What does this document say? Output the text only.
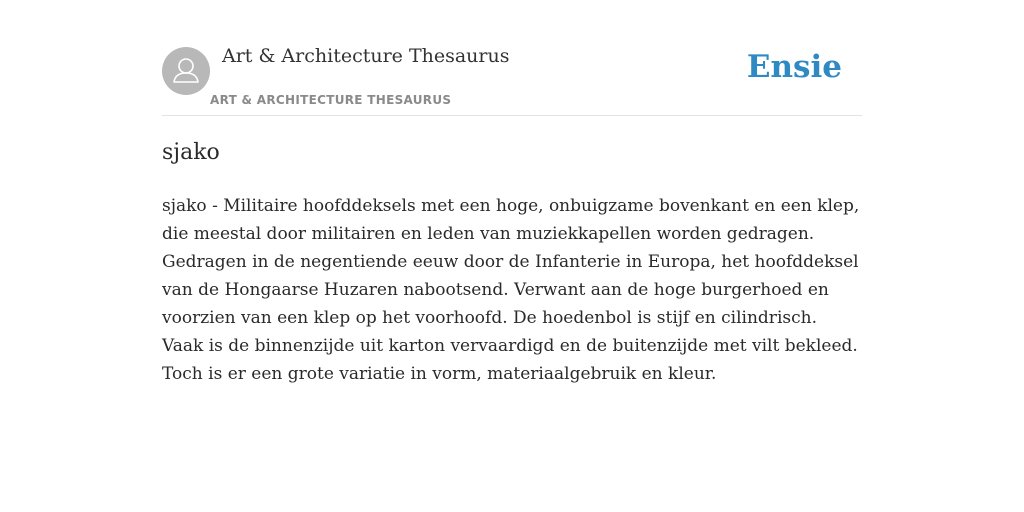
Art & Architecture Thesaurus
ART & ARCHITECTURE THESAURUS
Ensie
sjako

sjako - Militaire hoofddeksels met een hoge, onbuigzame bovenkant en een klep, die meestal door militairen en leden van muziekkapellen worden gedragen. Gedragen in de negentiende eeuw door de Infanterie in Europa, het hoofddeksel van de Hongaarse Huzaren nabootsend. Verwant aan de hoge burgerhoed en voorzien van een klep op het voorhoofd. De hoedenbol is stijf en cilindrisch. Vaak is de binnenzijde uit karton vervaardigd en de buitenzijde met vilt bekleed. Toch is er een grote variatie in vorm, materiaalgebruik en kleur.
